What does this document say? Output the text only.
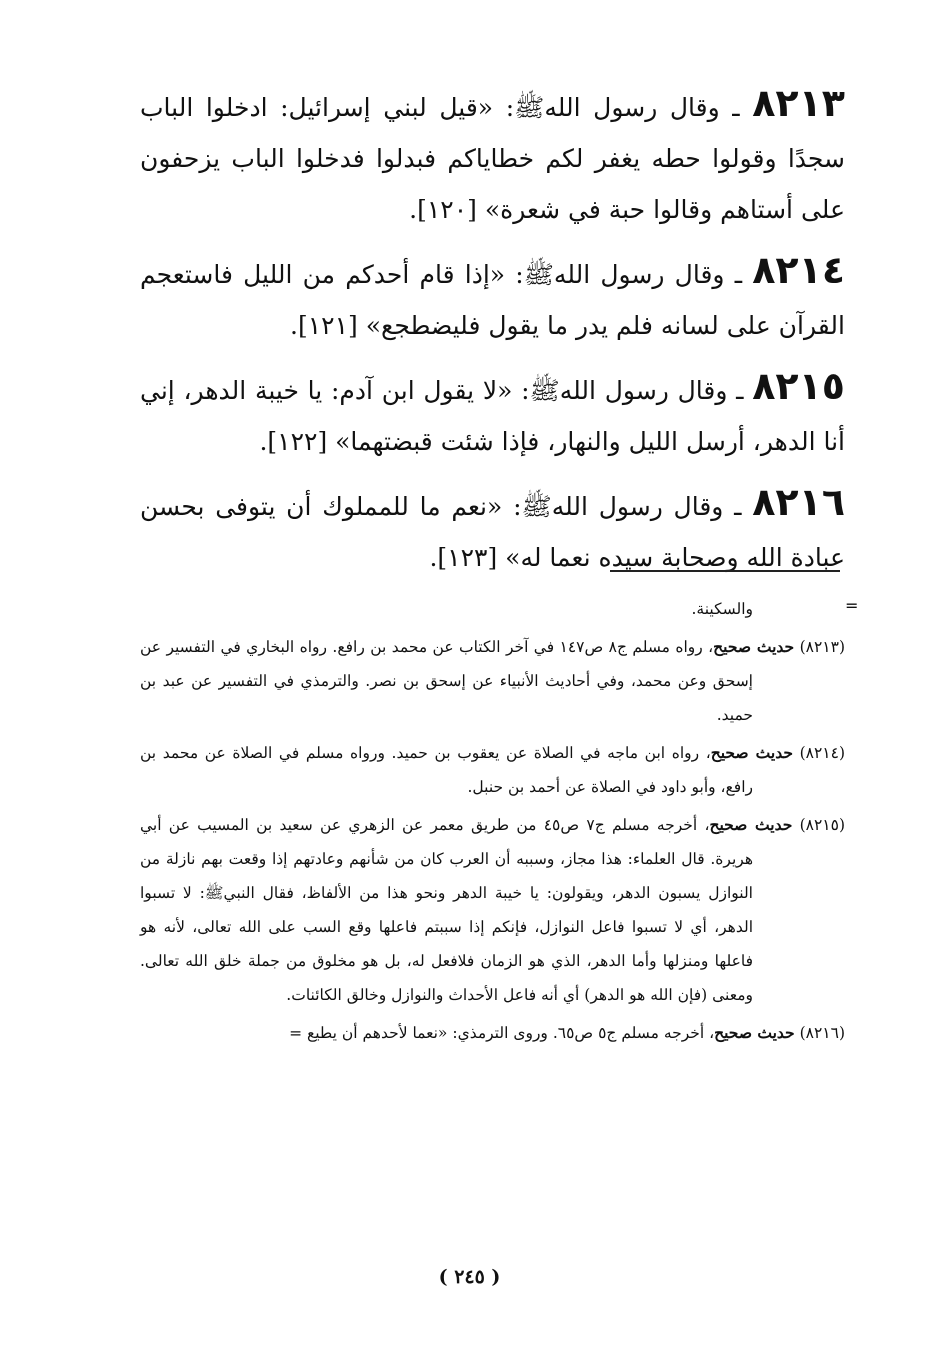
٨٢١٣ ـ وقال رسول اللهﷺ: «قيل لبني إسرائيل: ادخلوا الباب سجدًا وقولوا حطه يغفر لكم خطاياكم فبدلوا فدخلوا الباب يزحفون على أستاهم وقالوا حبة في شعرة» [١٢٠].

٨٢١٤ ـ وقال رسول اللهﷺ: «إذا قام أحدكم من الليل فاستعجم القرآن على لسانه فلم يدر ما يقول فليضطجع» [١٢١].

٨٢١٥ ـ وقال رسول اللهﷺ: «لا يقول ابن آدم: يا خيبة الدهر، إني أنا الدهر، أرسل الليل والنهار، فإذا شئت قبضتهما» [١٢٢].

٨٢١٦ ـ وقال رسول اللهﷺ: «نعم ما للمملوك أن يتوفى بحسن عبادة الله وصحابة سيده نعما له» [١٢٣].

=

والسكينة.

(٨٢١٣) حديث صحيح، رواه مسلم ج٨ ص١٤٧ في آخر الكتاب عن محمد بن رافع. رواه البخاري في التفسير عن إسحق وعن محمد، وفي أحاديث الأنبياء عن إسحق بن نصر. والترمذي في التفسير عن عبد بن حميد.

(٨٢١٤) حديث صحيح، رواه ابن ماجه في الصلاة عن يعقوب بن حميد. ورواه مسلم في الصلاة عن محمد بن رافع، وأبو داود في الصلاة عن أحمد بن حنبل.

(٨٢١٥) حديث صحيح، أخرجه مسلم ج٧ ص٤٥ من طريق معمر عن الزهري عن سعيد بن المسيب عن أبي هريرة. قال العلماء: هذا مجاز، وسببه أن العرب كان من شأنهم وعادتهم إذا وقعت بهم نازلة من النوازل يسبون الدهر، ويقولون: يا خيبة الدهر ونحو هذا من الألفاظ، فقال النبيﷺ: لا تسبوا الدهر، أي لا تسبوا فاعل النوازل، فإنكم إذا سببتم فاعلها وقع السب على الله تعالى، لأنه هو فاعلها ومنزلها وأما الدهر، الذي هو الزمان فلافعل له، بل هو مخلوق من جملة خلق الله تعالى. ومعنى (فإن الله هو الدهر) أي أنه فاعل الأحداث والنوازل وخالق الكائنات.

(٨٢١٦) حديث صحيح، أخرجه مسلم ج٥ ص٦٥. وروى الترمذي: «نعما لأحدهم أن يطيع =

( ٢٤٥ )
